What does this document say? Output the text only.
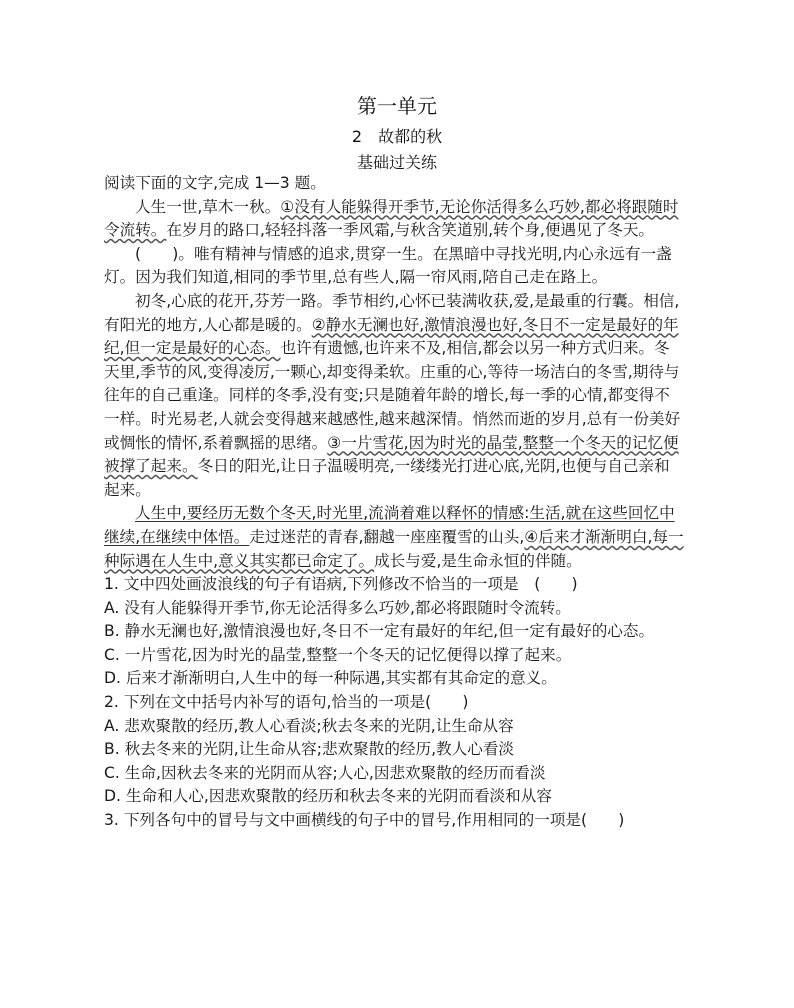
第一单元
2 故都的秋
基础过关练

阅读下面的文字,完成 1—3 题。

人生一世,草木一秋。①没有人能躲得开季节,无论你活得多么巧妙,都必将跟随时令流转。在岁月的路口,轻轻抖落一季风霜,与秋含笑道别,转个身,便遇见了冬天。

(　　)。唯有精神与情感的追求,贯穿一生。在黑暗中寻找光明,内心永远有一盏灯。因为我们知道,相同的季节里,总有些人,隔一帘风雨,陪自己走在路上。

初冬,心底的花开,芬芳一路。季节相约,心怀已装满收获,爱,是最重的行囊。相信,有阳光的地方,人心都是暖的。②静水无澜也好,激情浪漫也好,冬日不一定是最好的年纪,但一定是最好的心态。也许有遗憾,也许来不及,相信,都会以另一种方式归来。冬天里,季节的风,变得凌厉,一颗心,却变得柔软。庄重的心,等待一场洁白的冬雪,期待与往年的自己重逢。同样的冬季,没有变;只是随着年龄的增长,每一季的心情,都变得不一样。时光易老,人就会变得越来越感性,越来越深情。悄然而逝的岁月,总有一份美好或惆怅的情怀,系着飘摇的思绪。③一片雪花,因为时光的晶莹,整整一个冬天的记忆便被撑了起来。冬日的阳光,让日子温暖明亮,一缕缕光打进心底,光阴,也便与自己亲和起来。

人生中,要经历无数个冬天,时光里,流淌着难以释怀的情感:生活,就在这些回忆中继续,在继续中体悟。走过迷茫的青春,翻越一座座覆雪的山头,④后来才渐渐明白,每一种际遇在人生中,意义其实都已命定了。成长与爱,是生命永恒的伴随。

1. 文中四处画波浪线的句子有语病,下列修改不恰当的一项是　(　　)

A. 没有人能躲得开季节,你无论活得多么巧妙,都必将跟随时令流转。

B. 静水无澜也好,激情浪漫也好,冬日不一定有最好的年纪,但一定有最好的心态。

C. 一片雪花,因为时光的晶莹,整整一个冬天的记忆便得以撑了起来。

D. 后来才渐渐明白,人生中的每一种际遇,其实都有其命定的意义。

2. 下列在文中括号内补写的语句,恰当的一项是(　　)

A. 悲欢聚散的经历,教人心看淡;秋去冬来的光阴,让生命从容

B. 秋去冬来的光阴,让生命从容;悲欢聚散的经历,教人心看淡

C. 生命,因秋去冬来的光阴而从容;人心,因悲欢聚散的经历而看淡

D. 生命和人心,因悲欢聚散的经历和秋去冬来的光阴而看淡和从容

3. 下列各句中的冒号与文中画横线的句子中的冒号,作用相同的一项是(　　)
